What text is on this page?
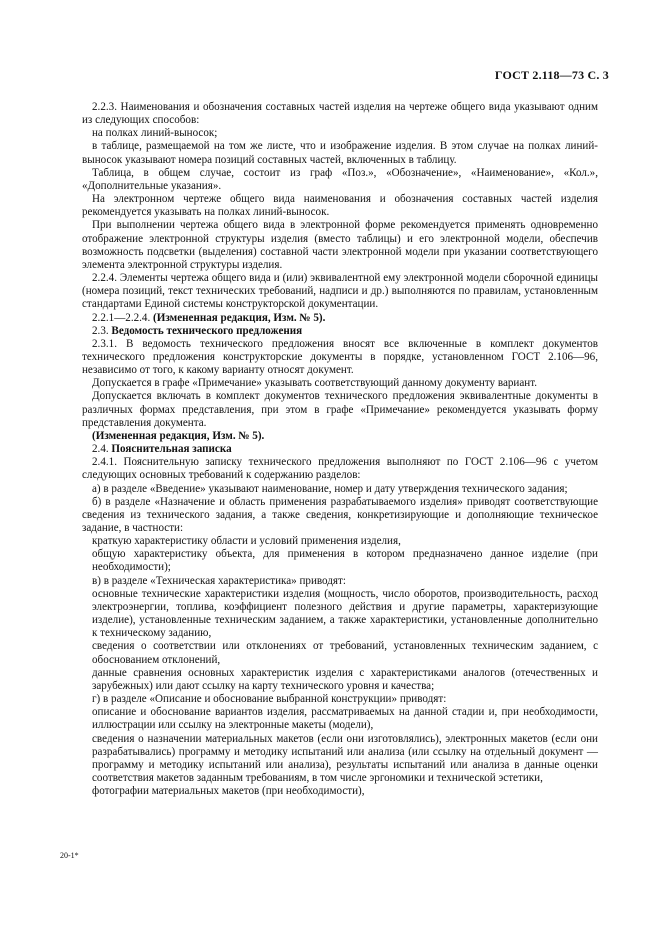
ГОСТ 2.118—73 С. 3

2.2.3. Наименования и обозначения составных частей изделия на чертеже общего вида указывают одним из следующих способов:

на полках линий-выносок;

в таблице, размещаемой на том же листе, что и изображение изделия. В этом случае на полках линий-выносок указывают номера позиций составных частей, включенных в таблицу.

Таблица, в общем случае, состоит из граф «Поз.», «Обозначение», «Наименование», «Кол.», «Дополнительные указания».

На электронном чертеже общего вида наименования и обозначения составных частей изделия рекомендуется указывать на полках линий-выносок.

При выполнении чертежа общего вида в электронной форме рекомендуется применять одновременно отображение электронной структуры изделия (вместо таблицы) и его электронной модели, обеспечив возможность подсветки (выделения) составной части электронной модели при указании соответствующего элемента электронной структуры изделия.

2.2.4. Элементы чертежа общего вида и (или) эквивалентной ему электронной модели сборочной единицы (номера позиций, текст технических требований, надписи и др.) выполняются по правилам, установленным стандартами Единой системы конструкторской документации.

2.2.1—2.2.4. (Измененная редакция, Изм. № 5).

2.3. Ведомость технического предложения

2.3.1. В ведомость технического предложения вносят все включенные в комплект документов технического предложения конструкторские документы в порядке, установленном ГОСТ 2.106—96, независимо от того, к какому варианту относят документ.

Допускается в графе «Примечание» указывать соответствующий данному документу вариант.

Допускается включать в комплект документов технического предложения эквивалентные документы в различных формах представления, при этом в графе «Примечание» рекомендуется указывать форму представления документа.

(Измененная редакция, Изм. № 5).

2.4. Пояснительная записка

2.4.1. Пояснительную записку технического предложения выполняют по ГОСТ 2.106—96 с учетом следующих основных требований к содержанию разделов:

а) в разделе «Введение» указывают наименование, номер и дату утверждения технического задания;

б) в разделе «Назначение и область применения разрабатываемого изделия» приводят соответствующие сведения из технического задания, а также сведения, конкретизирующие и дополняющие техническое задание, в частности:

краткую характеристику области и условий применения изделия,

общую характеристику объекта, для применения в котором предназначено данное изделие (при необходимости);

в) в разделе «Техническая характеристика» приводят:

основные технические характеристики изделия (мощность, число оборотов, производительность, расход электроэнергии, топлива, коэффициент полезного действия и другие параметры, характеризующие изделие), установленные техническим заданием, а также характеристики, установленные дополнительно к техническому заданию,

сведения о соответствии или отклонениях от требований, установленных техническим заданием, с обоснованием отклонений,

данные сравнения основных характеристик изделия с характеристиками аналогов (отечественных и зарубежных) или дают ссылку на карту технического уровня и качества;

г) в разделе «Описание и обоснование выбранной конструкции» приводят:

описание и обоснование вариантов изделия, рассматриваемых на данной стадии и, при необходимости, иллюстрации или ссылку на электронные макеты (модели),

сведения о назначении материальных макетов (если они изготовлялись), электронных макетов (если они разрабатывались) программу и методику испытаний или анализа (или ссылку на отдельный документ — программу и методику испытаний или анализа), результаты испытаний или анализа в данные оценки соответствия макетов заданным требованиям, в том числе эргономики и технической эстетики,

фотографии материальных макетов (при необходимости),

20-1*
